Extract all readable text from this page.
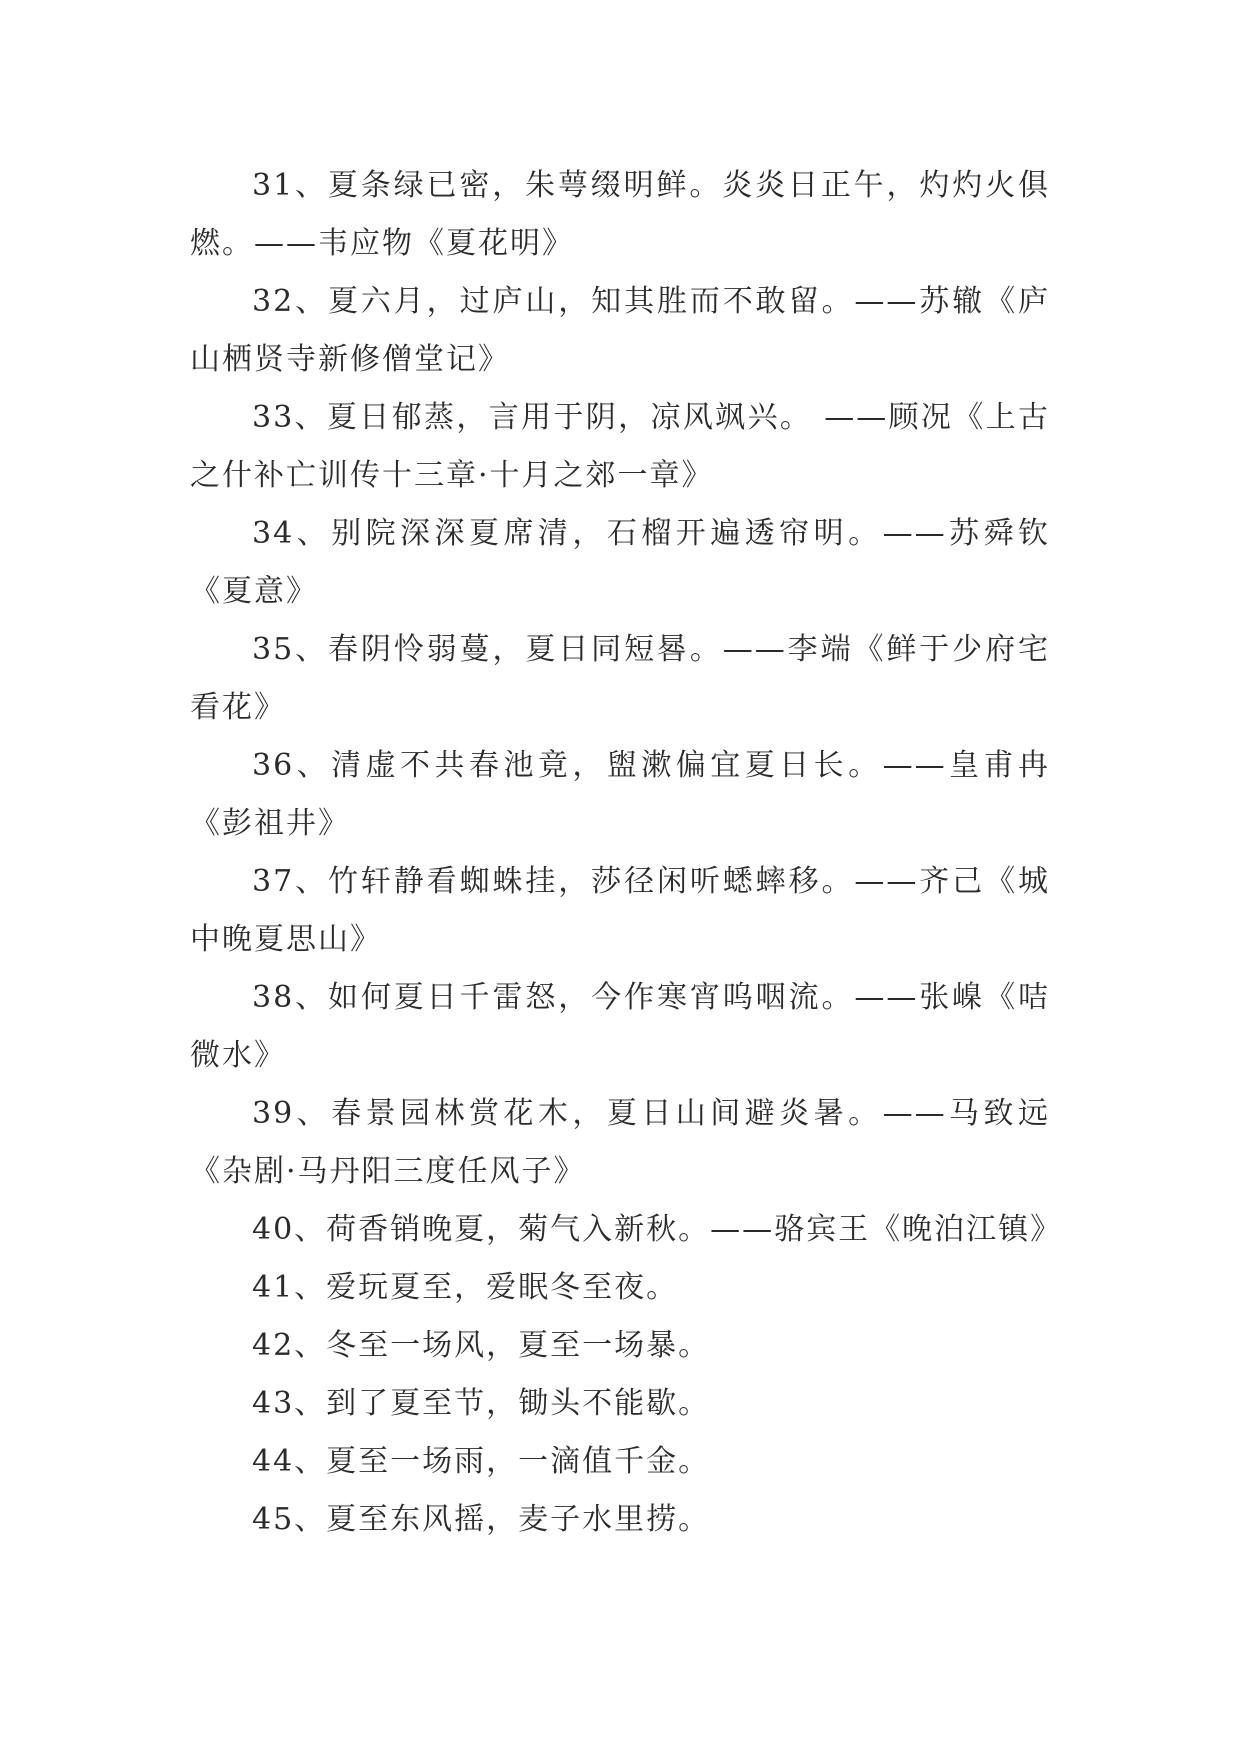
31、夏条绿已密，朱萼缀明鲜。炎炎日正午，灼灼火俱燃。——韦应物《夏花明》

32、夏六月，过庐山，知其胜而不敢留。——苏辙《庐山栖贤寺新修僧堂记》

33、夏日郁蒸，言用于阴，凉风飒兴。 ——顾况《上古之什补亡训传十三章·十月之郊一章》

34、别院深深夏席清，石榴开遍透帘明。——苏舜钦《夏意》

35、春阴怜弱蔓，夏日同短晷。——李端《鲜于少府宅看花》

36、清虚不共春池竟，盥漱偏宜夏日长。——皇甫冉《彭祖井》

37、竹轩静看蜘蛛挂，莎径闲听蟋蟀移。——齐己《城中晚夏思山》

38、如何夏日千雷怒，今作寒宵呜咽流。——张嵲《咭微水》

39、春景园林赏花木，夏日山间避炎暑。——马致远《杂剧·马丹阳三度任风子》

40、荷香销晚夏，菊气入新秋。——骆宾王《晚泊江镇》

41、爱玩夏至，爱眠冬至夜。

42、冬至一场风，夏至一场暴。

43、到了夏至节，锄头不能歇。

44、夏至一场雨，一滴值千金。

45、夏至东风摇，麦子水里捞。
